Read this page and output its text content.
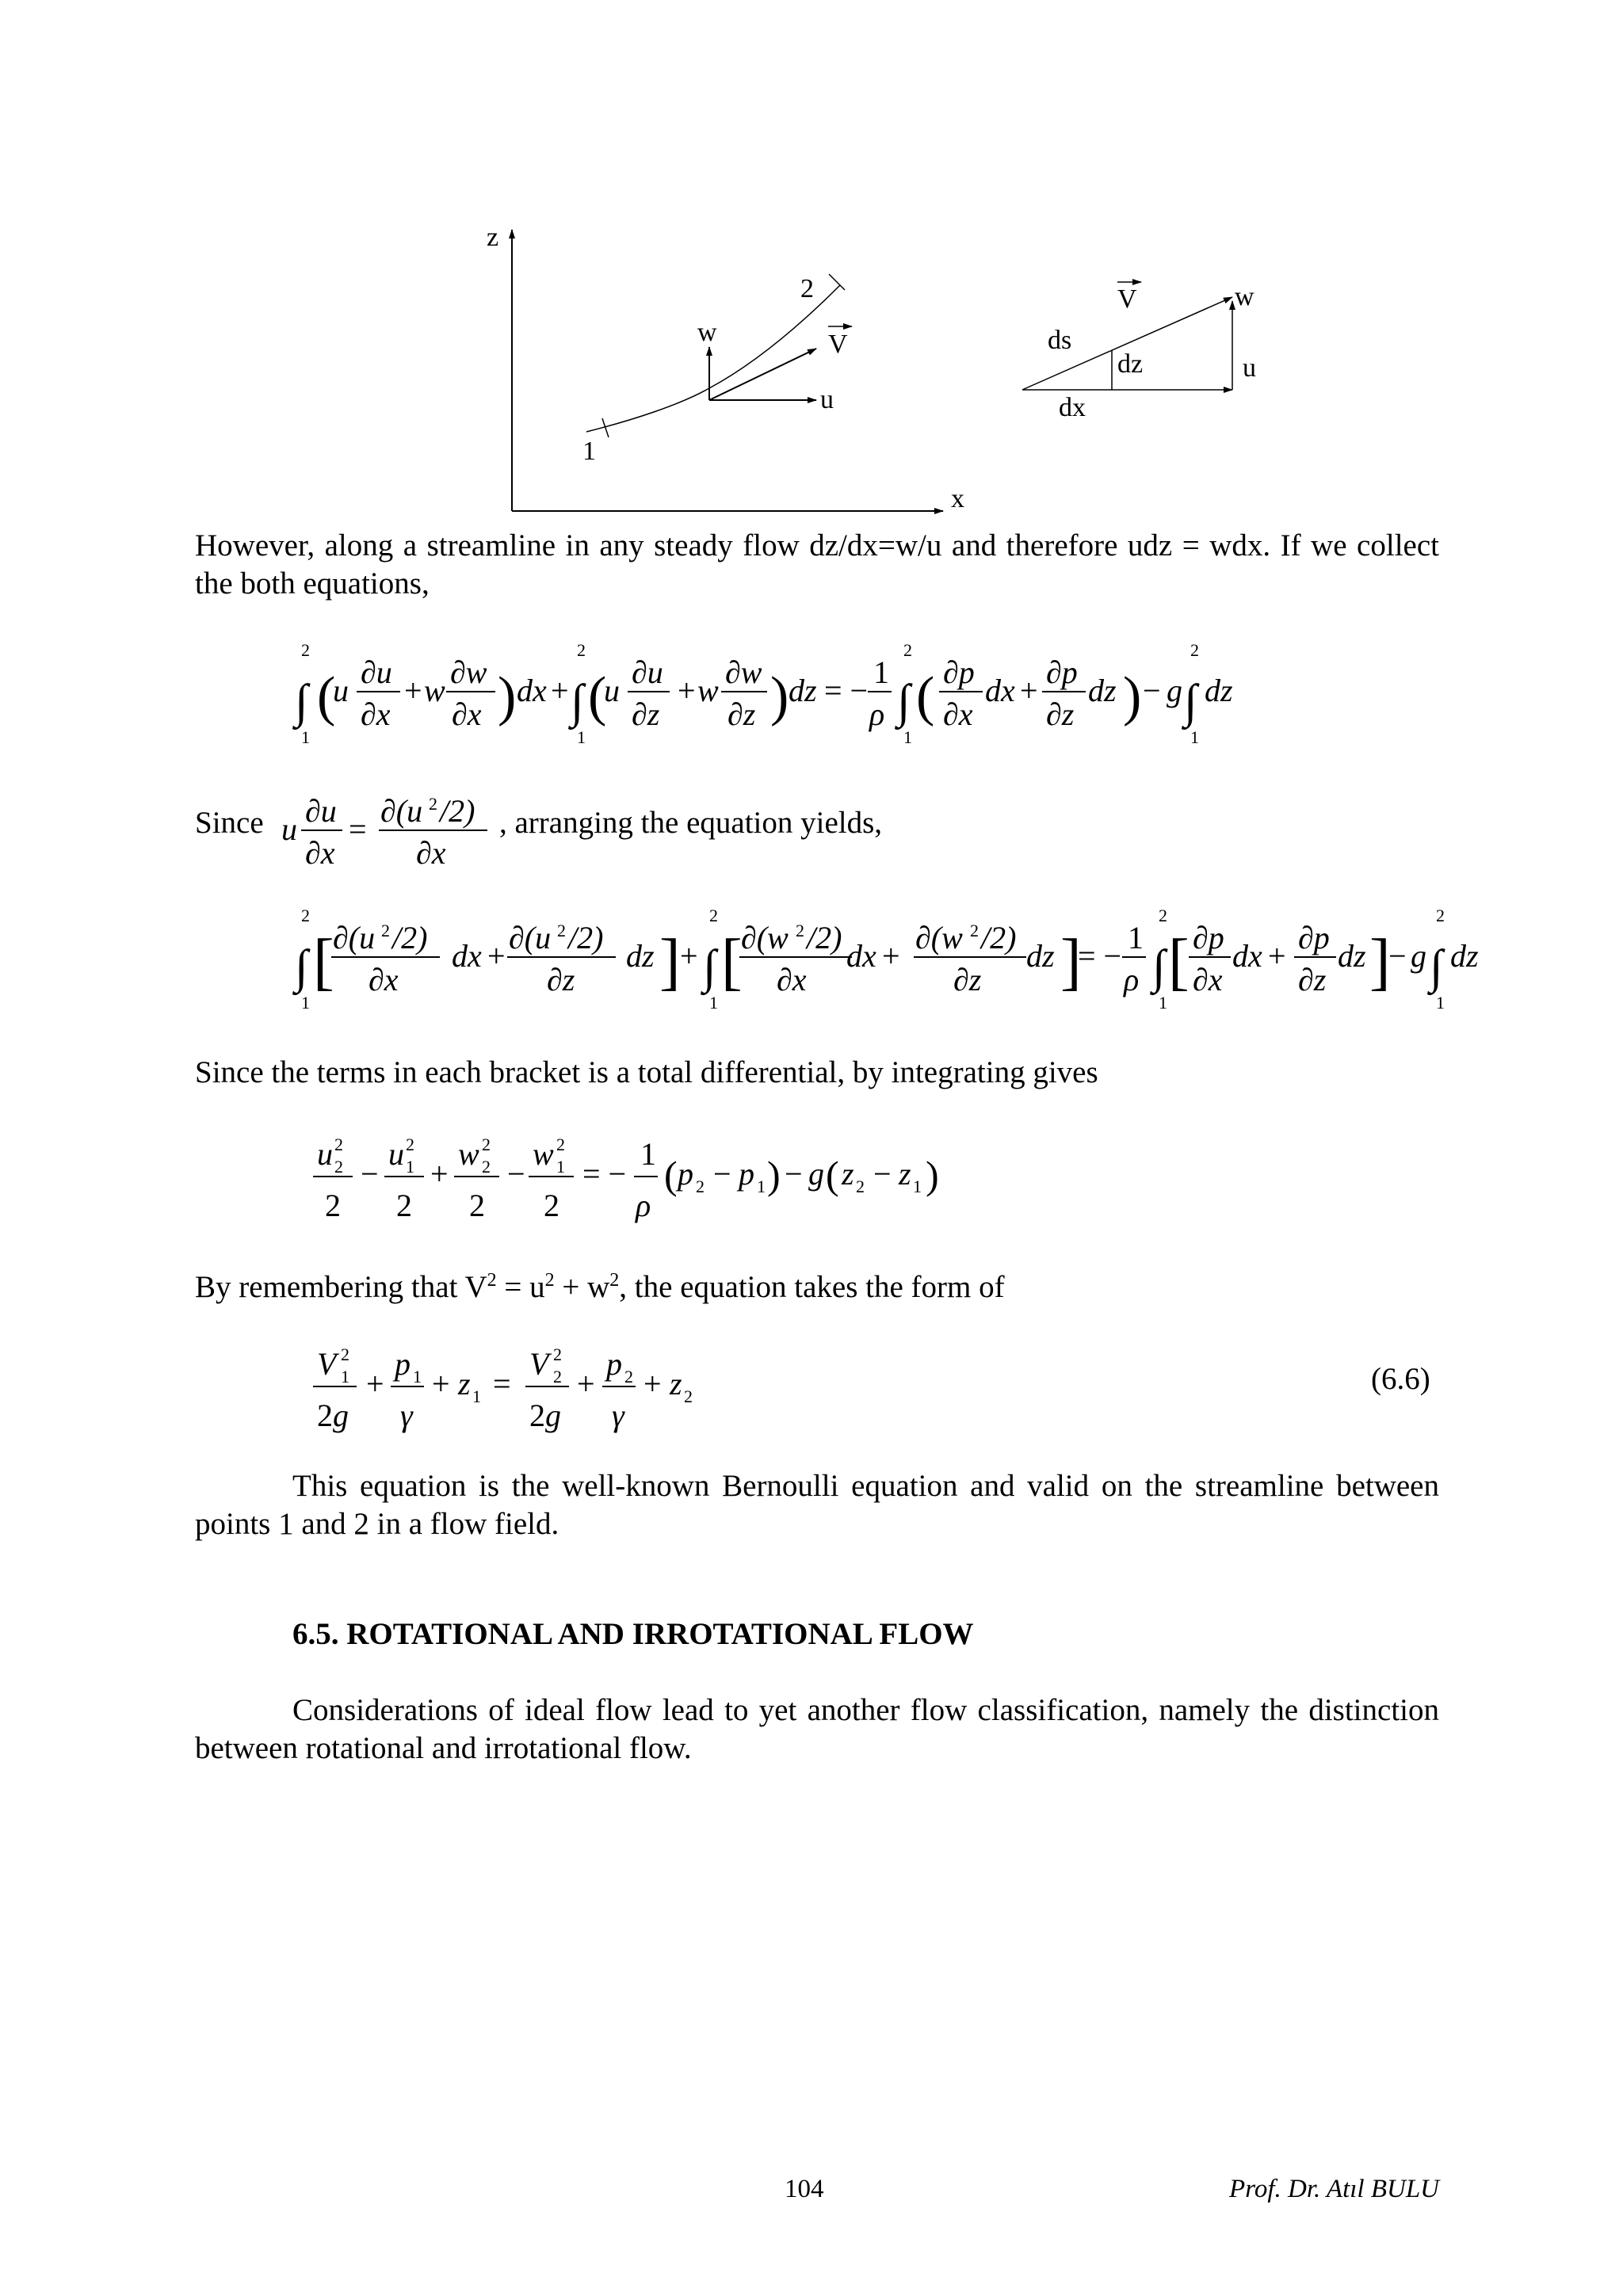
z
x
1
2
w
u
V
V	w
ds
dz	u
dx

However, along a streamline in any steady flow dz/dx=w/u and therefore udz = wdx. If we collect the both equations,

2
∫
1
(
u
∂u
∂x
+ w
∂w
∂x ) dx +
2
∫
1
(
u
∂u
∂z
+ w
∂w
∂z ) dz = −
1
ρ
2
∫
1
( ∂p
∂x
dx +
∂p
∂z
dz ) − g
2
∫
1
dz
u
∂u
∂x
=
∂(u 2 /2)
∂x
2
∫
1
[
∂(u 2 /2)
∂x
dx +
∂(u 2 /2)
∂z
dz ] +
2
∫
1
[
∂(w 2 /2)
∂x
dx +
∂(w 2 /2)
∂z
dz ]
= −
1
ρ
2
∫
1
[ ∂p
∂x
dx +
∂p
∂z
dz ]
− g
2
∫
1
dz
u 2
2
2
−
u 2
1
2
+
w 2
2
2
−
w 2
1
2
= −
1
ρ
( p 2 − p 1 ) − g ( z 2 − z 1 )
V 2
1
2 g
+
p 1
γ
+ z 1 =
V 2
2
2 g
+
p 2
γ
+ z 2
Since	, arranging the equation yields,

Since the terms in each bracket is a total differential, by integrating gives

By remembering that $V^2 = u^2 + w^2$, the equation takes the form of

(6.6)

This equation is the well-known Bernoulli equation and valid on the streamline between points 1 and 2 in a flow field.

6.5. ROTATIONAL AND IRROTATIONAL FLOW

Considerations of ideal flow lead to yet another flow classification, namely the distinction between rotational and irrotational flow.

104	Prof. Dr. Atıl BULU
